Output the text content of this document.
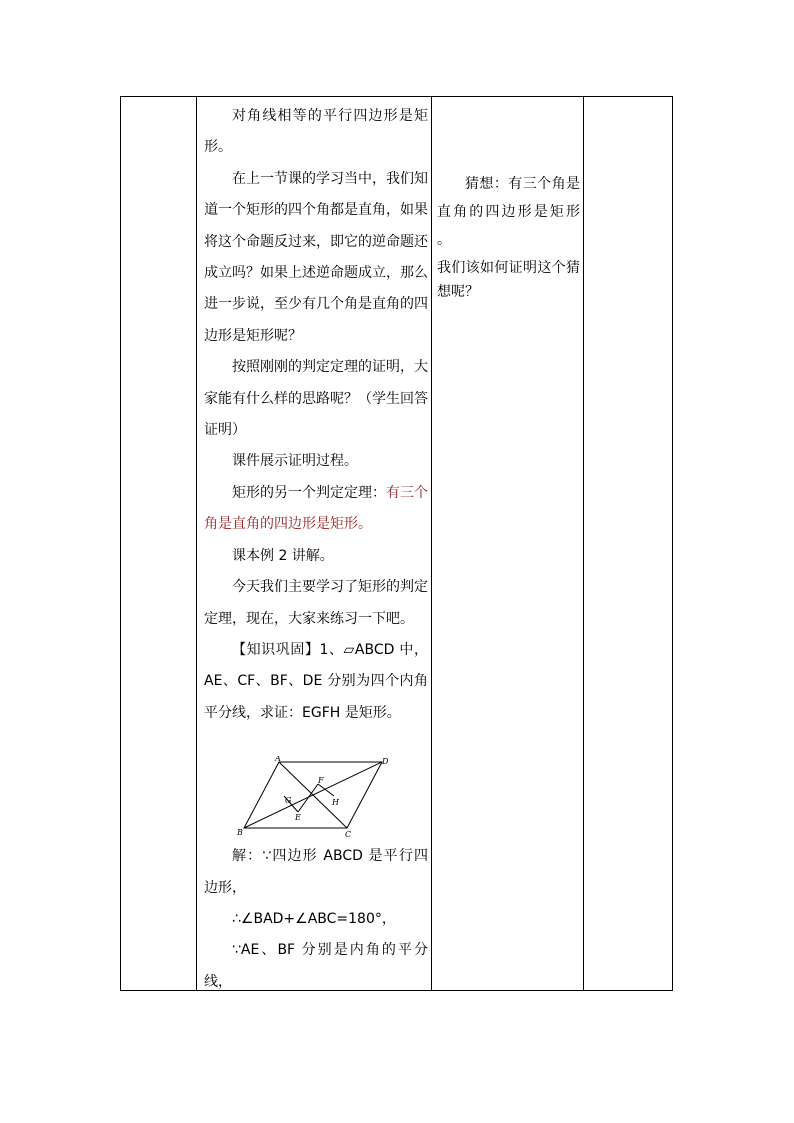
对角线相等的平行四边形是矩形。

在上一节课的学习当中，我们知道一个矩形的四个角都是直角，如果将这个命题反过来，即它的逆命题还成立吗？如果上述逆命题成立，那么进一步说，至少有几个角是直角的四边形是矩形呢？

按照刚刚的判定定理的证明，大家能有什么样的思路呢？（学生回答证明）

课件展示证明过程。

矩形的另一个判定定理：有三个角是直角的四边形是矩形。

课本例 2 讲解。

今天我们主要学习了矩形的判定定理，现在，大家来练习一下吧。

【知识巩固】1、▱ABCD 中，AE、CF、BF、DE 分别为四个内角平分线，求证：EGFH 是矩形。

A	D
B	C
E
F
G	H

解：∵四边形 ABCD 是平行四边形，

∴∠BAD+∠ABC=180°，

∵AE、BF 分别是内角的平分线，

猜想：有三个角是直角的四边形是矩形 。

我们该如何证明这个猜想呢？
